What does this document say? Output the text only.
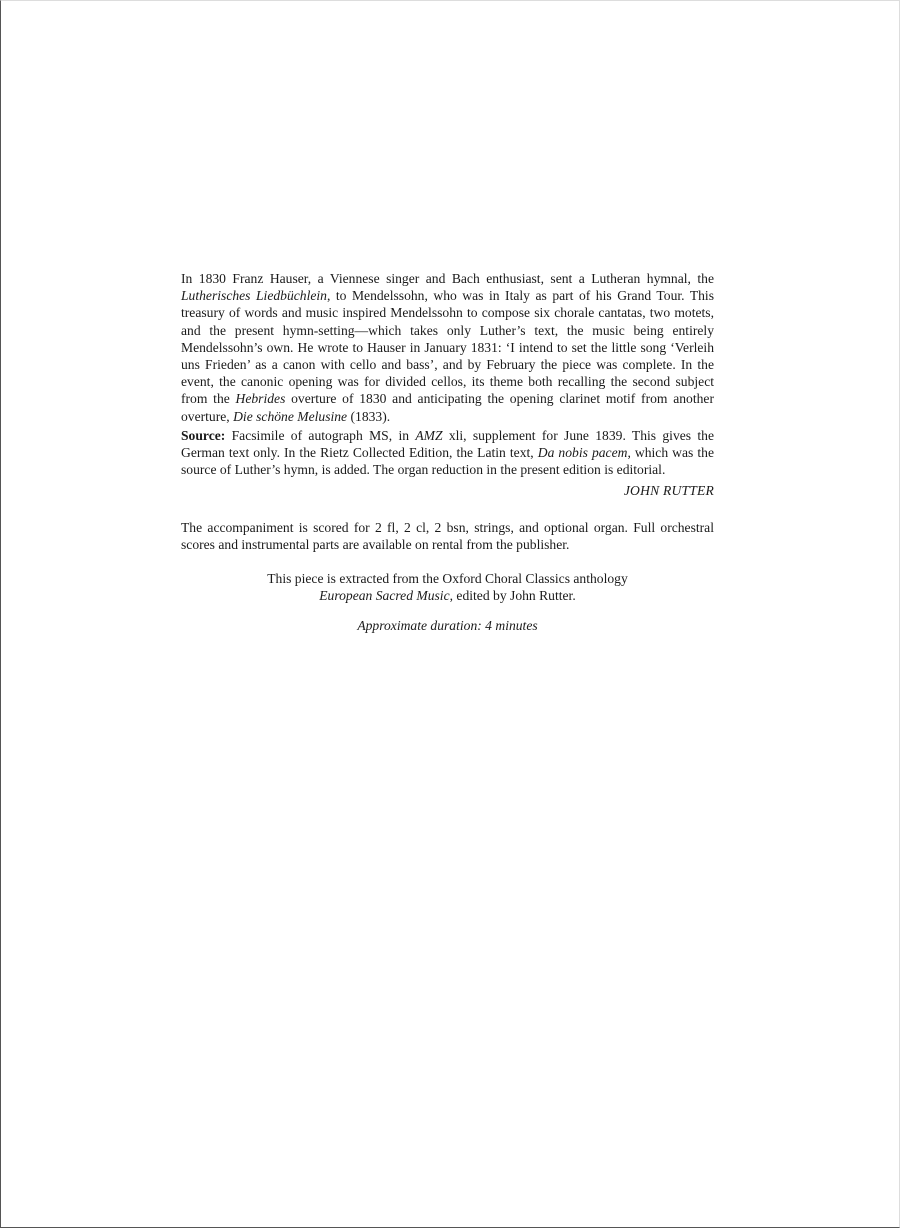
In 1830 Franz Hauser, a Viennese singer and Bach enthusiast, sent a Lutheran hymnal, the Lutherisches Liedbüchlein, to Mendelssohn, who was in Italy as part of his Grand Tour. This treasury of words and music inspired Mendelssohn to compose six chorale cantatas, two motets, and the present hymn-setting—which takes only Luther’s text, the music being entirely Mendelssohn’s own. He wrote to Hauser in January 1831: ‘I intend to set the little song ‘Verleih uns Frieden’ as a canon with cello and bass’, and by February the piece was complete. In the event, the canonic opening was for divided cellos, its theme both recalling the second subject from the Hebrides overture of 1830 and anticipating the opening clarinet motif from another overture, Die schöne Melusine (1833).

Source: Facsimile of autograph MS, in AMZ xli, supplement for June 1839. This gives the German text only. In the Rietz Collected Edition, the Latin text, Da nobis pacem, which was the source of Luther’s hymn, is added. The organ reduction in the present edition is editorial.

JOHN RUTTER

The accompaniment is scored for 2 fl, 2 cl, 2 bsn, strings, and optional organ. Full orchestral scores and instrumental parts are available on rental from the publisher.

This piece is extracted from the Oxford Choral Classics anthology

European Sacred Music, edited by John Rutter.

Approximate duration: 4 minutes
